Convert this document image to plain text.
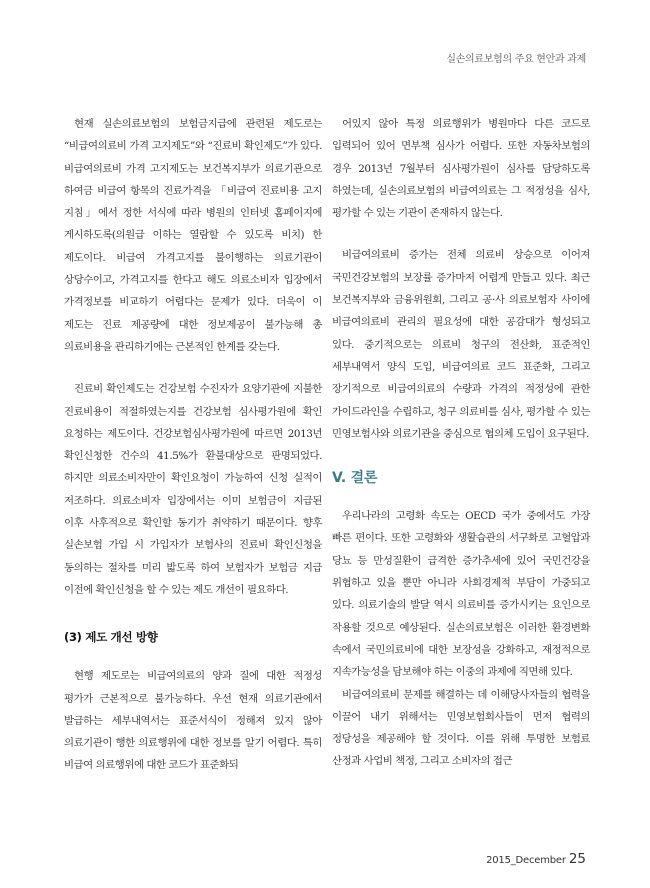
실손의료보험의 주요 현안과 과제

현재 실손의료보험의 보험금지급에 관련된 제도로는 “비급여의료비 가격 고지제도”와 “진료비 확인제도”가 있다. 비급여의료비 가격 고지제도는 보건복지부가 의료기관으로 하여금 비급여 항목의 진료가격을 「비급여 진료비용 고지 지침」에서 정한 서식에 따라 병원의 인터넷 홈페이지에 게시하도록(의원급 이하는 열람할 수 있도록 비치) 한 제도이다. 비급여 가격고지를 불이행하는 의료기관이 상당수이고, 가격고지를 한다고 해도 의료소비자 입장에서 가격정보를 비교하기 어렵다는 문제가 있다. 더욱이 이 제도는 진료 제공량에 대한 정보제공이 불가능해 총 의료비용을 관리하기에는 근본적인 한계를 갖는다.

진료비 확인제도는 건강보험 수진자가 요양기관에 지불한 진료비용이 적절하였는지를 건강보험 심사평가원에 확인 요청하는 제도이다. 건강보험심사평가원에 따르면 2013년 확인신청한 건수의 41.5%가 환불대상으로 판명되었다. 하지만 의료소비자만이 확인요청이 가능하여 신청 실적이 저조하다. 의료소비자 입장에서는 이미 보험금이 지급된 이후 사후적으로 확인할 동기가 취약하기 때문이다. 향후 실손보험 가입 시 가입자가 보험사의 진료비 확인신청을 동의하는 절차를 미리 밟도록 하여 보험자가 보험금 지급 이전에 확인신청을 할 수 있는 제도 개선이 필요하다.

(3) 제도 개선 방향

현행 제도로는 비급여의료의 양과 질에 대한 적정성 평가가 근본적으로 불가능하다. 우선 현재 의료기관에서 발급하는 세부내역서는 표준서식이 정해져 있지 않아 의료기관이 행한 의료행위에 대한 정보를 알기 어렵다. 특히 비급여 의료행위에 대한 코드가 표준화되

어있지 않아 특정 의료행위가 병원마다 다른 코드로 입력되어 있어 면부책 심사가 어렵다. 또한 자동차보험의 경우 2013년 7월부터 심사평가원이 심사를 담당하도록 하였는데, 실손의료보험의 비급여의료는 그 적정성을 심사, 평가할 수 있는 기관이 존재하지 않는다.

비급여의료비 증가는 전체 의료비 상승으로 이어져 국민건강보험의 보장률 증가마저 어렵게 만들고 있다. 최근 보건복지부와 금융위원회, 그리고 공·사 의료보험자 사이에 비급여의료비 관리의 필요성에 대한 공감대가 형성되고 있다. 중기적으로는 의료비 청구의 전산화, 표준적인 세부내역서 양식 도입, 비급여의료 코드 표준화, 그리고 장기적으로 비급여의료의 수량과 가격의 적정성에 관한 가이드라인을 수립하고, 청구 의료비를 심사, 평가할 수 있는 민영보험사와 의료기관을 중심으로 협의체 도입이 요구된다.

V. 결론

우리나라의 고령화 속도는 OECD 국가 중에서도 가장 빠른 편이다. 또한 고령화와 생활습관의 서구화로 고혈압과 당뇨 등 만성질환이 급격한 증가추세에 있어 국민건강을 위협하고 있을 뿐만 아니라 사회경제적 부담이 가중되고 있다. 의료기술의 발달 역시 의료비를 증가시키는 요인으로 작용할 것으로 예상된다. 실손의료보험은 이러한 환경변화 속에서 국민의료비에 대한 보장성을 강화하고, 재정적으로 지속가능성을 담보해야 하는 이중의 과제에 직면해 있다.

비급여의료비 문제를 해결하는 데 이해당사자들의 협력을 이끌어 내기 위해서는 민영보험회사들이 먼저 협력의 정당성을 제공해야 할 것이다. 이를 위해 투명한 보험료 산정과 사업비 책정, 그리고 소비자의 접근

2015_December 25
